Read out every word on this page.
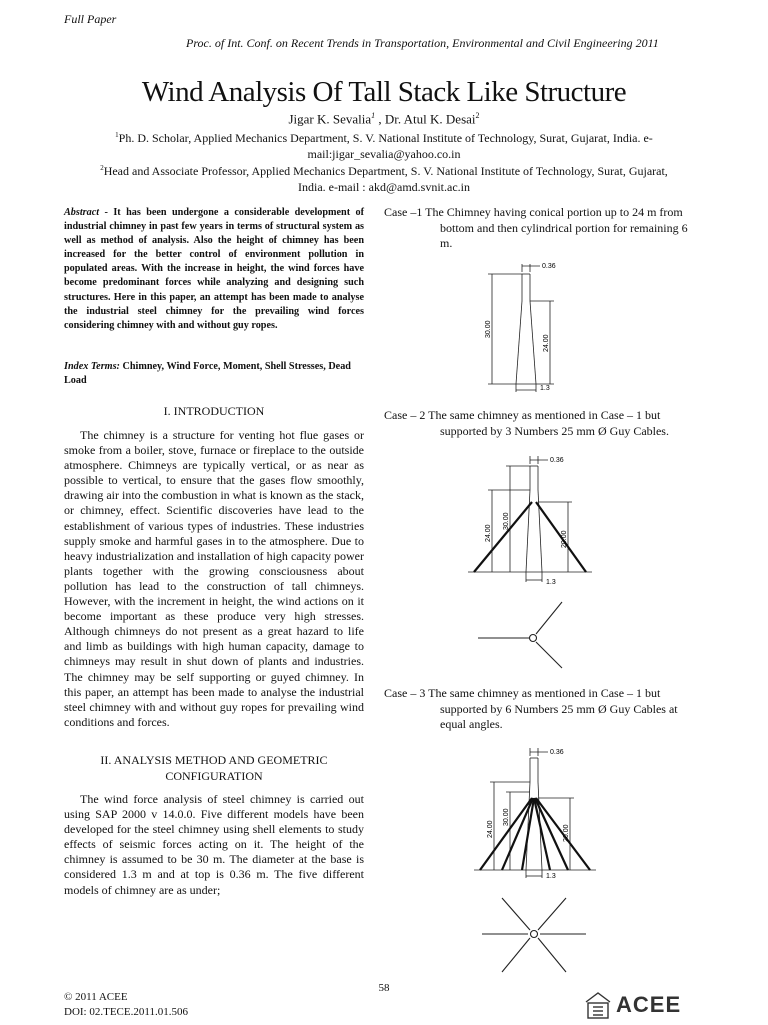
Full Paper
Proc. of Int. Conf. on Recent Trends in Transportation, Environmental and Civil Engineering 2011
Wind Analysis Of Tall Stack Like Structure
Jigar K. Sevalia$^1$ , Dr. Atul K. Desai$^2$
$^1$Ph. D. Scholar, Applied Mechanics Department, S. V. National Institute of Technology, Surat, Gujarat, India. e-
mail:jigar_sevalia@yahoo.co.in
$^2$Head and Associate Professor, Applied Mechanics Department, S. V. National Institute of Technology, Surat, Gujarat,
India. e-mail : akd@amd.svnit.ac.in
Abstract - It has been undergone a considerable development of industrial chimney in past few years in terms of structural system as well as method of analysis. Also the height of chimney has been increased for the better control of environment pollution in populated areas. With the increase in height, the wind forces have become predominant forces while analyzing and designing such structures. Here in this paper, an attempt has been made to analyse the industrial steel chimney for the prevailing wind forces considering chimney with and without guy ropes.
Index Terms: Chimney, Wind Force, Moment, Shell Stresses, Dead Load
I. INTRODUCTION
The chimney is a structure for venting hot flue gases or smoke from a boiler, stove, furnace or fireplace to the outside atmosphere. Chimneys are typically vertical, or as near as possible to vertical, to ensure that the gases flow smoothly, drawing air into the combustion in what is known as the stack, or chimney, effect. Scientific discoveries have lead to the establishment of various types of industries. These industries supply smoke and harmful gases in to the atmosphere. Due to heavy industrialization and installation of high capacity power plants together with the growing consciousness about pollution has lead to the construction of tall chimneys. However, with the increment in height, the wind actions on it become important as these produce very high stresses. Although chimneys do not present as a great hazard to life and limb as buildings with high human capacity, damage to chimneys may result in shut down of plants and industries. The chimney may be self supporting or guyed chimney. In this paper, an attempt has been made to analyse the industrial steel chimney with and without guy ropes for prevailing wind conditions and forces.
II. ANALYSIS METHOD AND GEOMETRIC
CONFIGURATION
The wind force analysis of steel chimney is carried out using SAP 2000 v 14.0.0. Five different models have been developed for the steel chimney using shell elements to study effects of seismic forces acting on it. The height of the chimney is assumed to be 30 m. The diameter at the base is considered 1.3 m and at top is 0.36 m. The five different models of chimney are as under;
Case –1 The Chimney having conical portion up to 24 m from
bottom and then cylindrical portion for remaining 6 m.
0.36
1.3
30.00
24.00
Case – 2 The same chimney as mentioned in Case – 1 but
supported by 3 Numbers 25 mm Ø Guy Cables.
0.36
1.3
24.00
30.00
20.00
Case – 3 The same chimney as mentioned in Case – 1 but
supported by 6 Numbers 25 mm Ø Guy Cables at equal angles.
0.36
1.3
24.00
30.00
20.00
58
© 2011 ACEE
DOI: 02.TECE.2011.01.506	ACEE
